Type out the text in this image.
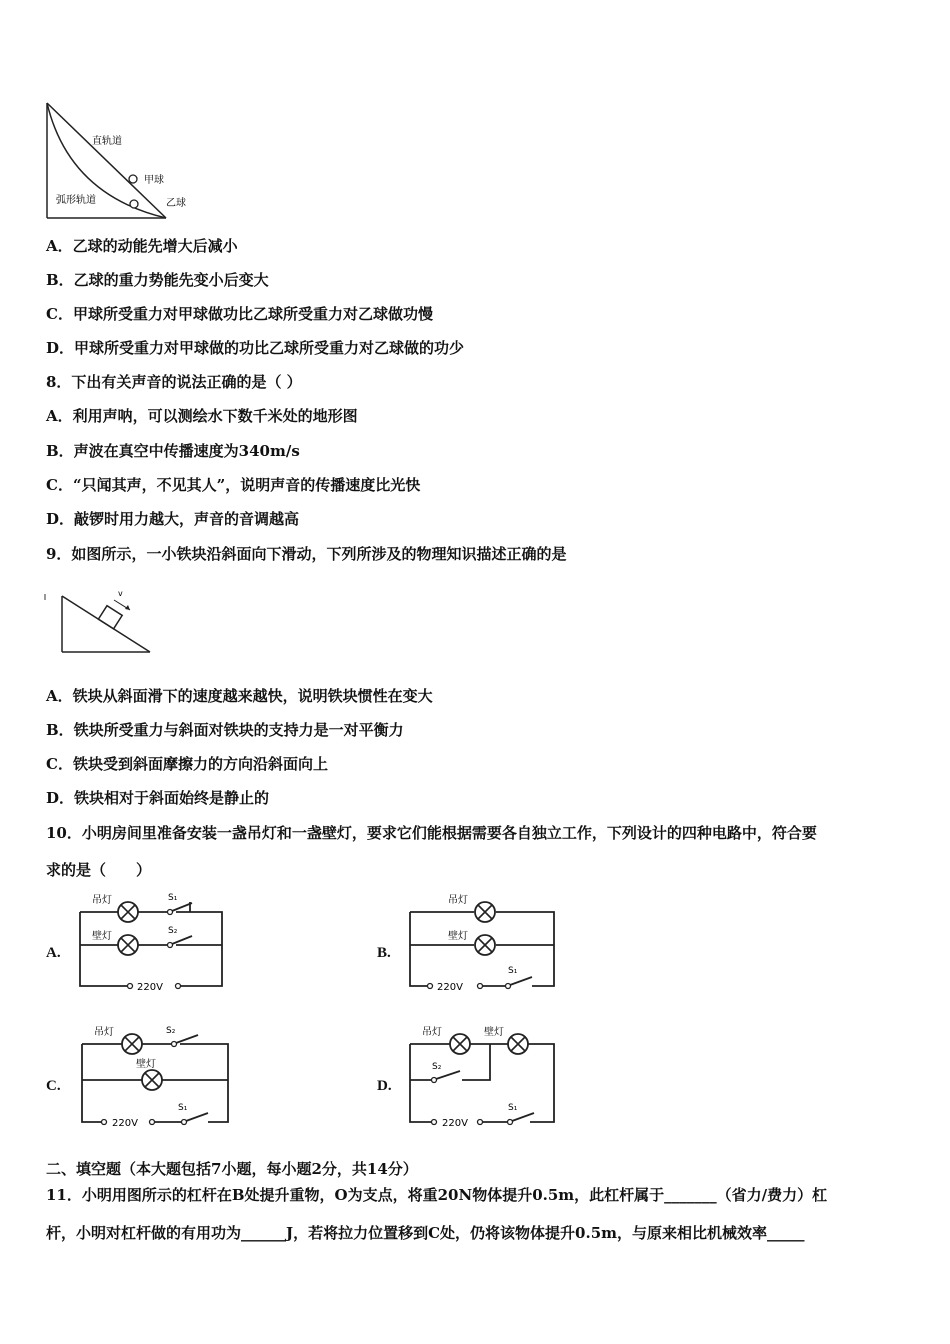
直轨道
甲球
弧形轨道	乙球
A．乙球的动能先增大后减小
B．乙球的重力势能先变小后变大
C．甲球所受重力对甲球做功比乙球所受重力对乙球做功慢
D．甲球所受重力对甲球做的功比乙球所受重力对乙球做的功少
8．下出有关声音的说法正确的是（ ）
A．利用声呐，可以测绘水下数千米处的地形图
B．声波在真空中传播速度为340m/s
C．“只闻其声，不见其人”，说明声音的传播速度比光快
D．敲锣时用力越大，声音的音调越高
9．如图所示，一小铁块沿斜面向下滑动，下列所涉及的物理知识描述正确的是
v
A．铁块从斜面滑下的速度越来越快，说明铁块惯性在变大
B．铁块所受重力与斜面对铁块的支持力是一对平衡力
C．铁块受到斜面摩擦力的方向沿斜面向上
D．铁块相对于斜面始终是静止的
10．小明房间里准备安装一盏吊灯和一盏壁灯，要求它们能根据需要各自独立工作，下列设计的四种电路中，符合要
求的是（　　）
A.	B.
C.	D.
吊灯
壁灯
S₁
S₂
220V
吊灯
壁灯
S₁
220V
吊灯	S₂
壁灯
S₁
220V
吊灯	壁灯
S₂
S₁
220V
二、填空题（本大题包括7小题，每小题2分，共14分）
11．小明用图所示的杠杆在B处提升重物，O为支点，将重20N物体提升0.5m，此杠杆属于_______（省力/费力）杠
杆，小明对杠杆做的有用功为______J，若将拉力位置移到C处，仍将该物体提升0.5m，与原来相比机械效率_____
